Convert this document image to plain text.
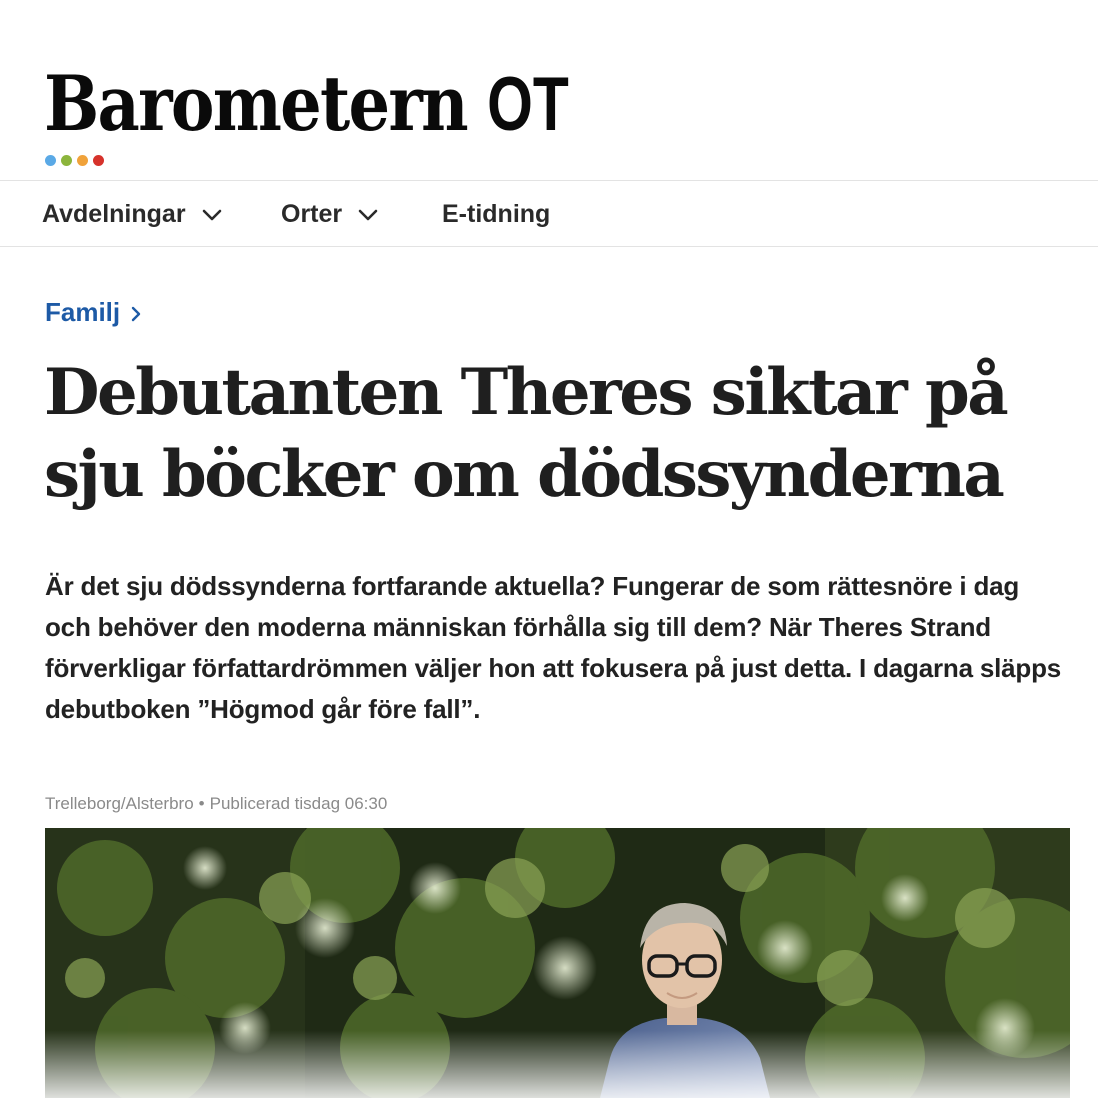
Barometern OT
Avdelningar	Orter	E-tidning
Familj
Debutanten Theres siktar på sju böcker om dödssynderna

Är det sju dödssynderna fortfarande aktuella? Fungerar de som rättesnöre i dag och behöver den moderna människan förhålla sig till dem? När Theres Strand förverkligar författardrömmen väljer hon att fokusera på just detta. I dagarna släpps debutboken ”Högmod går före fall”.

Trelleborg/Alsterbro • Publicerad tisdag 06:30
